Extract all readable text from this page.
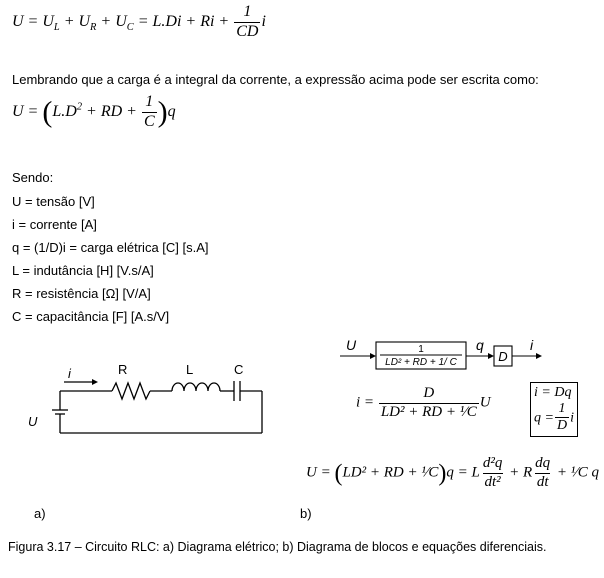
$U = U_L + U_R + U_C = L.Di + Ri + \frac{1}{CD}$ i
Lembrando que a carga é a integral da corrente, a expressão acima pode ser escrita como:
$U = (L.D^2$ + RD + $\frac{1}{C} )q$
Sendo:
U = tensão [V]
i = corrente [A]
q = (1/D)i = carga elétrica [C] [s.A]
L = indutância [H] [V.s/A]
R = resistência [Ω] [V/A]
C = capacitância [F] [A.s/V]
i	R	L	C
U
U	1
LD² + RD + 1/ C
q
D
i
$i = \frac{D}{\text{LD² + RD + ¹⁄C}}$ U
i = Dq
$q = \frac{1}{D}$ i
U = (LD² + RD + ¹⁄C)q = L $\frac{\text{d²q}}{\text{dt²}} + R \frac{dq}{dt}$ + ¹⁄C q
a)	b)
Figura 3.17 – Circuito RLC: a) Diagrama elétrico; b) Diagrama de blocos e equações diferenciais.
